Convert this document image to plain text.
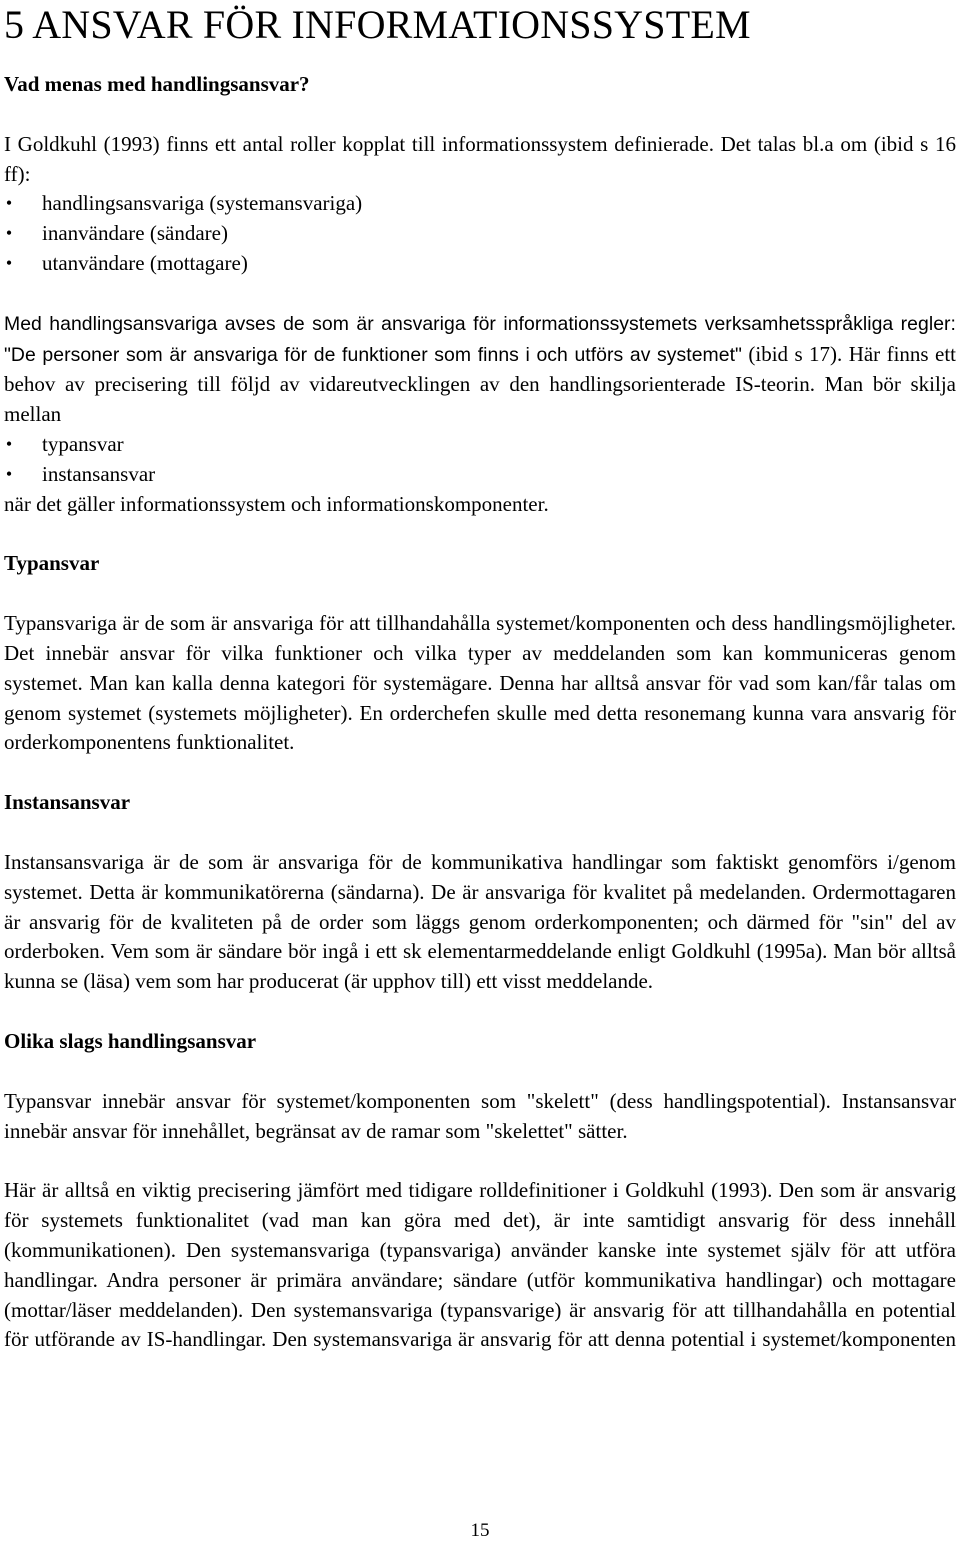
5 ANSVAR FÖR INFORMATIONSSYSTEM
Vad menas med handlingsansvar?

I Goldkuhl (1993) finns ett antal roller kopplat till informationssystem definierade. Det talas bl.a om (ibid s 16 ff):

• handlingsansvariga (systemansvariga)
• inanvändare (sändare)
• utanvändare (mottagare)

Med handlingsansvariga avses de som är ansvariga för informationssystemets verksamhetsspråkliga regler: "De personer som är ansvariga för de funktioner som finns i och utförs av systemet" (ibid s 17). Här finns ett behov av precisering till följd av vidareutvecklingen av den handlingsorienterade IS-teorin. Man bör skilja mellan

• typansvar
• instansansvar

när det gäller informationssystem och informationskomponenter.

Typansvar

Typansvariga är de som är ansvariga för att tillhandahålla systemet/komponenten och dess handlingsmöjligheter. Det innebär ansvar för vilka funktioner och vilka typer av meddelanden som kan kommuniceras genom systemet. Man kan kalla denna kategori för systemägare. Denna har alltså ansvar för vad som kan/får talas om genom systemet (systemets möjligheter). En orderchefen skulle med detta resonemang kunna vara ansvarig för orderkomponentens funktionalitet.

Instansansvar

Instansansvariga är de som är ansvariga för de kommunikativa handlingar som faktiskt genomförs i/genom systemet. Detta är kommunikatörerna (sändarna). De är ansvariga för kvalitet på medelanden. Ordermottagaren är ansvarig för de kvaliteten på de order som läggs genom orderkomponenten; och därmed för "sin" del av orderboken. Vem som är sändare bör ingå i ett sk elementarmeddelande enligt Goldkuhl (1995a). Man bör alltså kunna se (läsa) vem som har producerat (är upphov till) ett visst meddelande.

Olika slags handlingsansvar

Typansvar innebär ansvar för systemet/komponenten som "skelett" (dess handlingspotential). Instansansvar innebär ansvar för innehållet, begränsat av de ramar som "skelettet" sätter.

Här är alltså en viktig precisering jämfört med tidigare rolldefinitioner i Goldkuhl (1993). Den som är ansvarig för systemets funktionalitet (vad man kan göra med det), är inte samtidigt ansvarig för dess innehåll (kommunikationen). Den systemansvariga (typansvariga) använder kanske inte systemet själv för att utföra handlingar. Andra personer är primära användare; sändare (utför kommunikativa handlingar) och mottagare (mottar/läser meddelanden). Den systemansvariga (typansvarige) är ansvarig för att tillhandahålla en potential för utförande av IS-handlingar. Den systemansvariga är ansvarig för att denna potential i systemet/komponenten

15
